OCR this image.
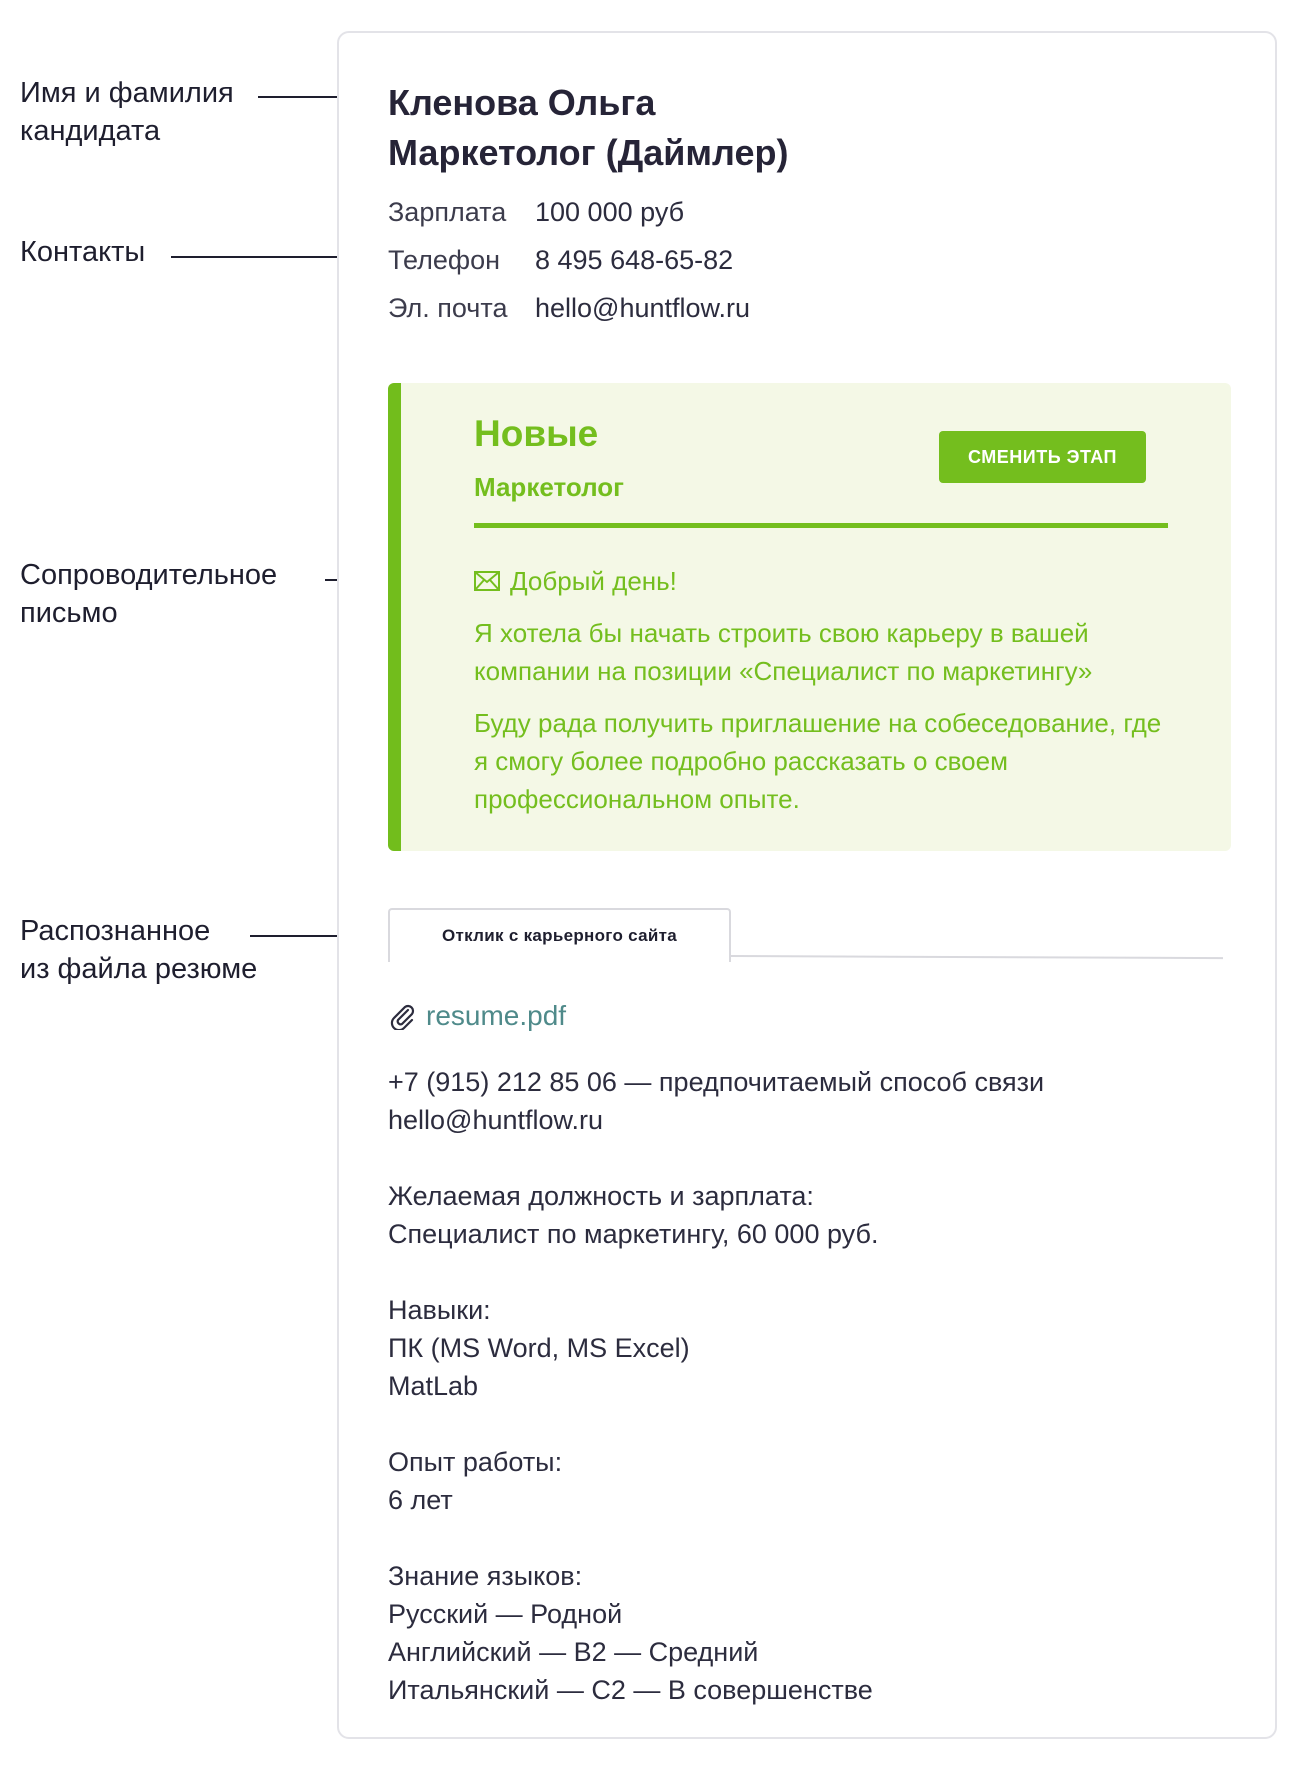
Имя и фамилия
кандидата
Контакты
Сопроводительное
письмо
Распознанное
из файла резюме
Кленова Ольга
Маркетолог (Даймлер)
Зарплата	100 000 руб
Телефон	8 495 648-65-82
Эл. почта	hello@huntflow.ru
Новые
Маркетолог
СМЕНИТЬ ЭТАП
Добрый день!

Я хотела бы начать строить свою карьеру в вашей компании на позиции «Специалист по маркетингу»

Буду рада получить приглашение на собеседование, где я смогу более подробно рассказать о своем профессиональном опыте.

Отклик с карьерного сайта
resume.pdf
+7 (915) 212 85 06 — предпочитаемый способ связи
hello@huntflow.ru
Желаемая должность и зарплата:
Специалист по маркетингу, 60 000 руб.
Навыки:
ПК (MS Word, MS Excel)
MatLab
Опыт работы:
6 лет
Знание языков:
Русский — Родной
Английский — B2 — Средний
Итальянский — C2 — В совершенстве
